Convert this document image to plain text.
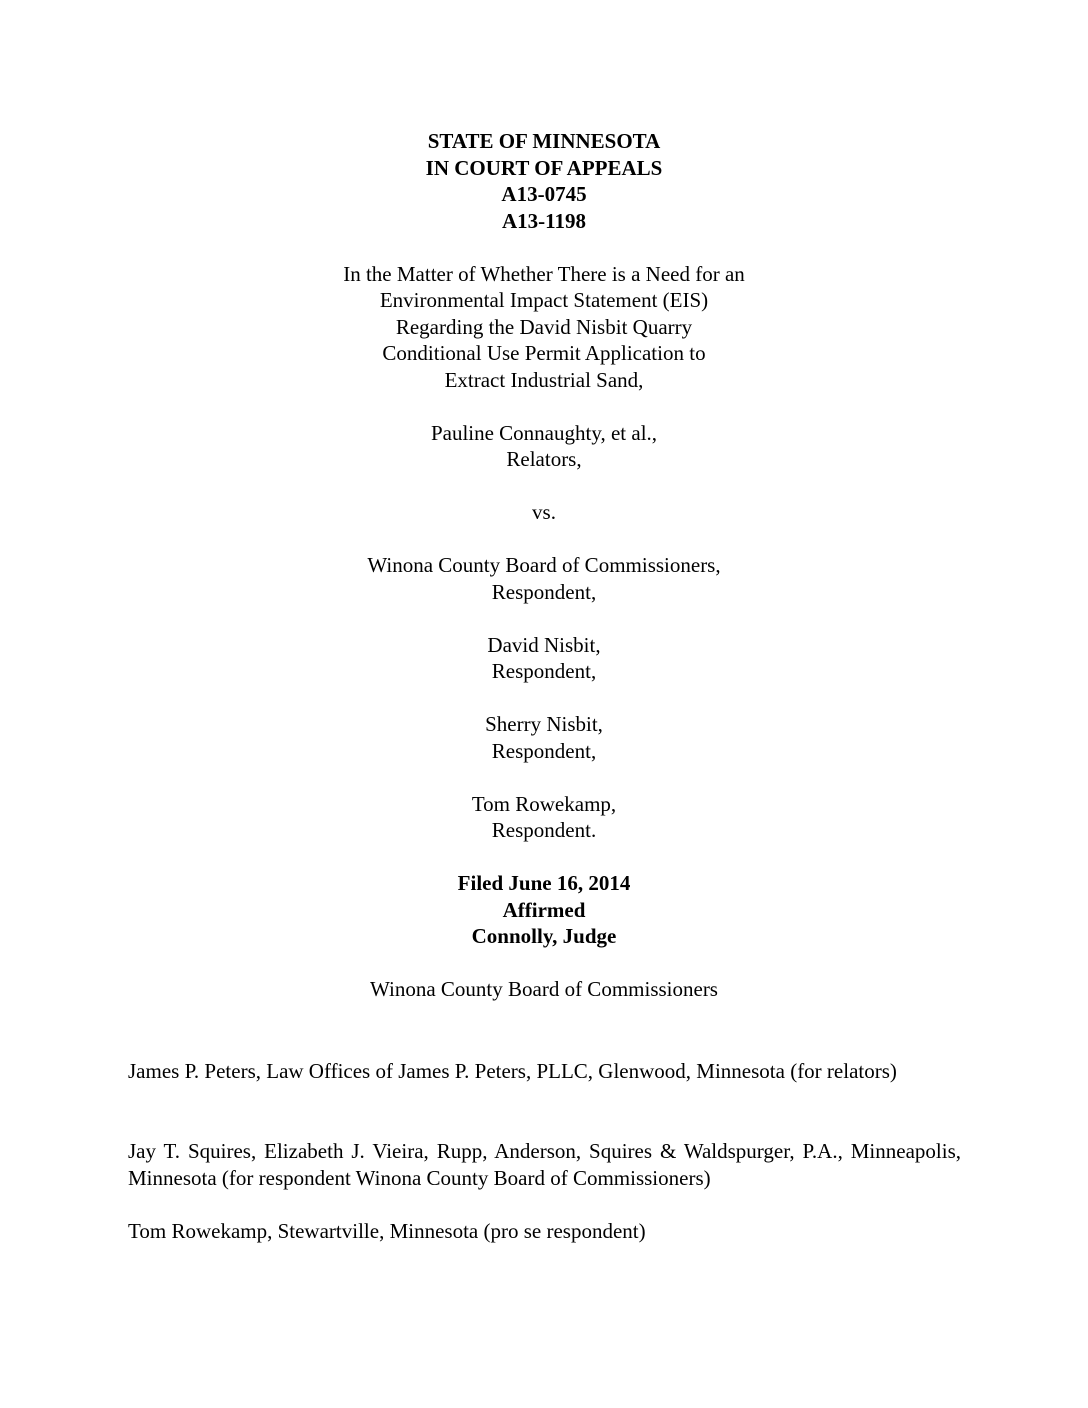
STATE OF MINNESOTA
IN COURT OF APPEALS
A13-0745
A13-1198
In the Matter of Whether There is a Need for an
Environmental Impact Statement (EIS)
Regarding the David Nisbit Quarry
Conditional Use Permit Application to
Extract Industrial Sand,
Pauline Connaughty, et al.,
Relators,
vs.
Winona County Board of Commissioners,
Respondent,
David Nisbit,
Respondent,
Sherry Nisbit,
Respondent,
Tom Rowekamp,
Respondent.
Filed June 16, 2014
Affirmed
Connolly, Judge
Winona County Board of Commissioners

James P. Peters, Law Offices of James P. Peters, PLLC, Glenwood, Minnesota (for relators)

Jay T. Squires, Elizabeth J. Vieira, Rupp, Anderson, Squires & Waldspurger, P.A., Minneapolis, Minnesota (for respondent Winona County Board of Commissioners)

Tom Rowekamp, Stewartville, Minnesota (pro se respondent)
